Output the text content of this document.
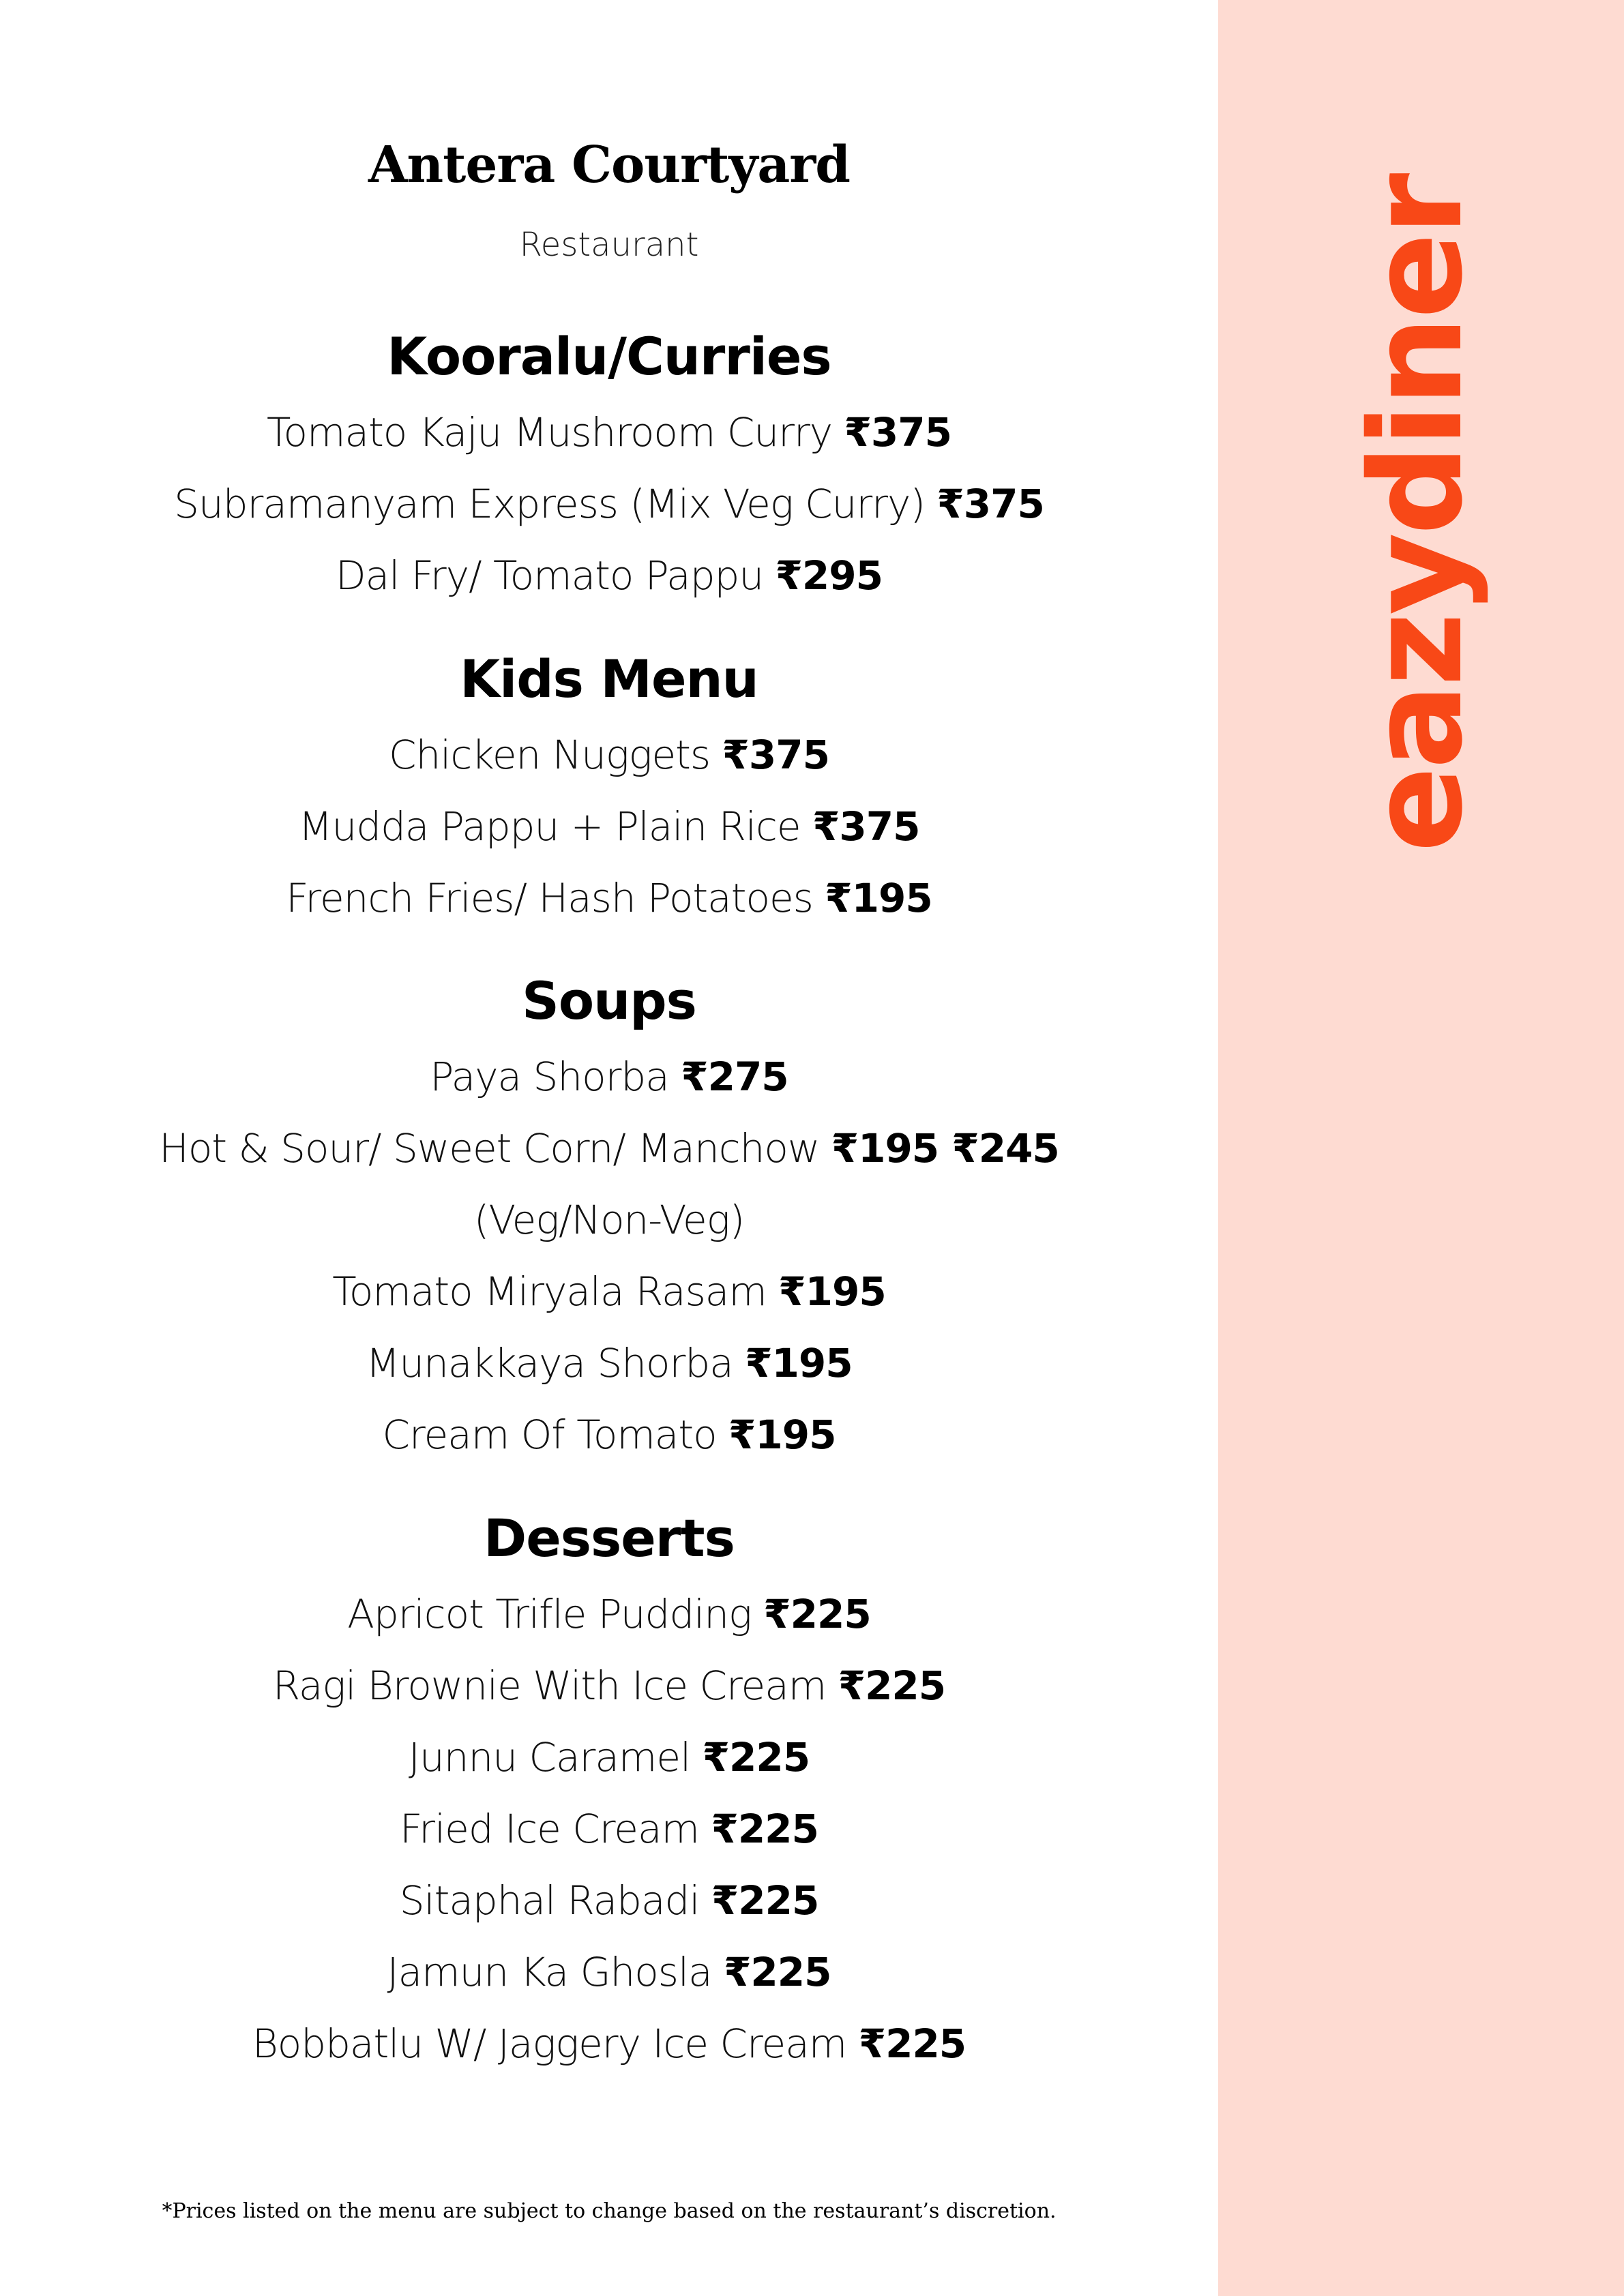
Antera Courtyard
Restaurant
Kooralu/Curries
Tomato Kaju Mushroom Curry ₹375
Subramanyam Express (Mix Veg Curry) ₹375
Dal Fry/ Tomato Pappu ₹295
Kids Menu
Chicken Nuggets ₹375
Mudda Pappu + Plain Rice ₹375
French Fries/ Hash Potatoes ₹195
Soups
Paya Shorba ₹275
Hot & Sour/ Sweet Corn/ Manchow ₹195 ₹245
(Veg/Non-Veg)
Tomato Miryala Rasam ₹195
Munakkaya Shorba ₹195
Cream Of Tomato ₹195
Desserts
Apricot Trifle Pudding ₹225
Ragi Brownie With Ice Cream ₹225
Junnu Caramel ₹225
Fried Ice Cream ₹225
Sitaphal Rabadi ₹225
Jamun Ka Ghosla ₹225
Bobbatlu W/ Jaggery Ice Cream ₹225
*Prices listed on the menu are subject to change based on the restaurant’s discretion.
eazydiner
